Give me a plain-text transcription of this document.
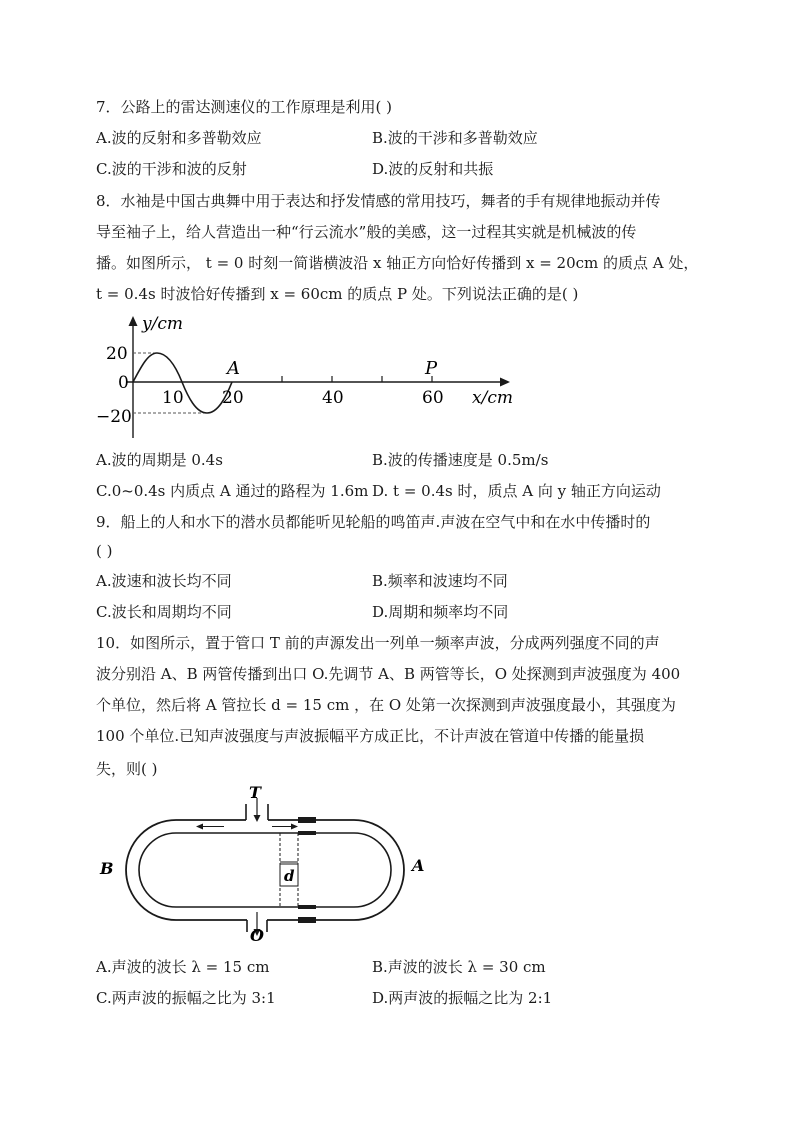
7．公路上的雷达测速仪的工作原理是利用( )
A.波的反射和多普勒效应	B.波的干涉和多普勒效应
C.波的干涉和波的反射	D.波的反射和共振
8．水袖是中国古典舞中用于表达和抒发情感的常用技巧，舞者的手有规律地振动并传
导至袖子上，给人营造出一种“行云流水”般的美感，这一过程其实就是机械波的传
播。如图所示， t = 0 时刻一简谐横波沿 x 轴正方向恰好传播到 x = 20cm 的质点 A 处，
t = 0.4s 时波恰好传播到 x = 60cm 的质点 P 处。下列说法正确的是( )
y/cm
20
0
−20
10 20	40	60
A	P
x/cm
A.波的周期是 0.4s	B.波的传播速度是 0.5m/s
C.0~0.4s 内质点 A 通过的路程为 1.6m D. t = 0.4s 时，质点 A 向 y 轴正方向运动
9．船上的人和水下的潜水员都能听见轮船的鸣笛声.声波在空气中和在水中传播时的
( )
A.波速和波长均不同	B.频率和波速均不同
C.波长和周期均不同	D.周期和频率均不同
10．如图所示，置于管口 T 前的声源发出一列单一频率声波，分成两列强度不同的声
波分别沿 A、B 两管传播到出口 O.先调节 A、B 两管等长，O 处探测到声波强度为 400
个单位，然后将 A 管拉长 d = 15 cm ，在 O 处第一次探测到声波强度最小，其强度为
100 个单位.已知声波强度与声波振幅平方成正比，不计声波在管道中传播的能量损
失，则( )
T
O
B	A
d
A.声波的波长 λ = 15 cm	B.声波的波长 λ = 30 cm
C.两声波的振幅之比为 3:1	D.两声波的振幅之比为 2:1
